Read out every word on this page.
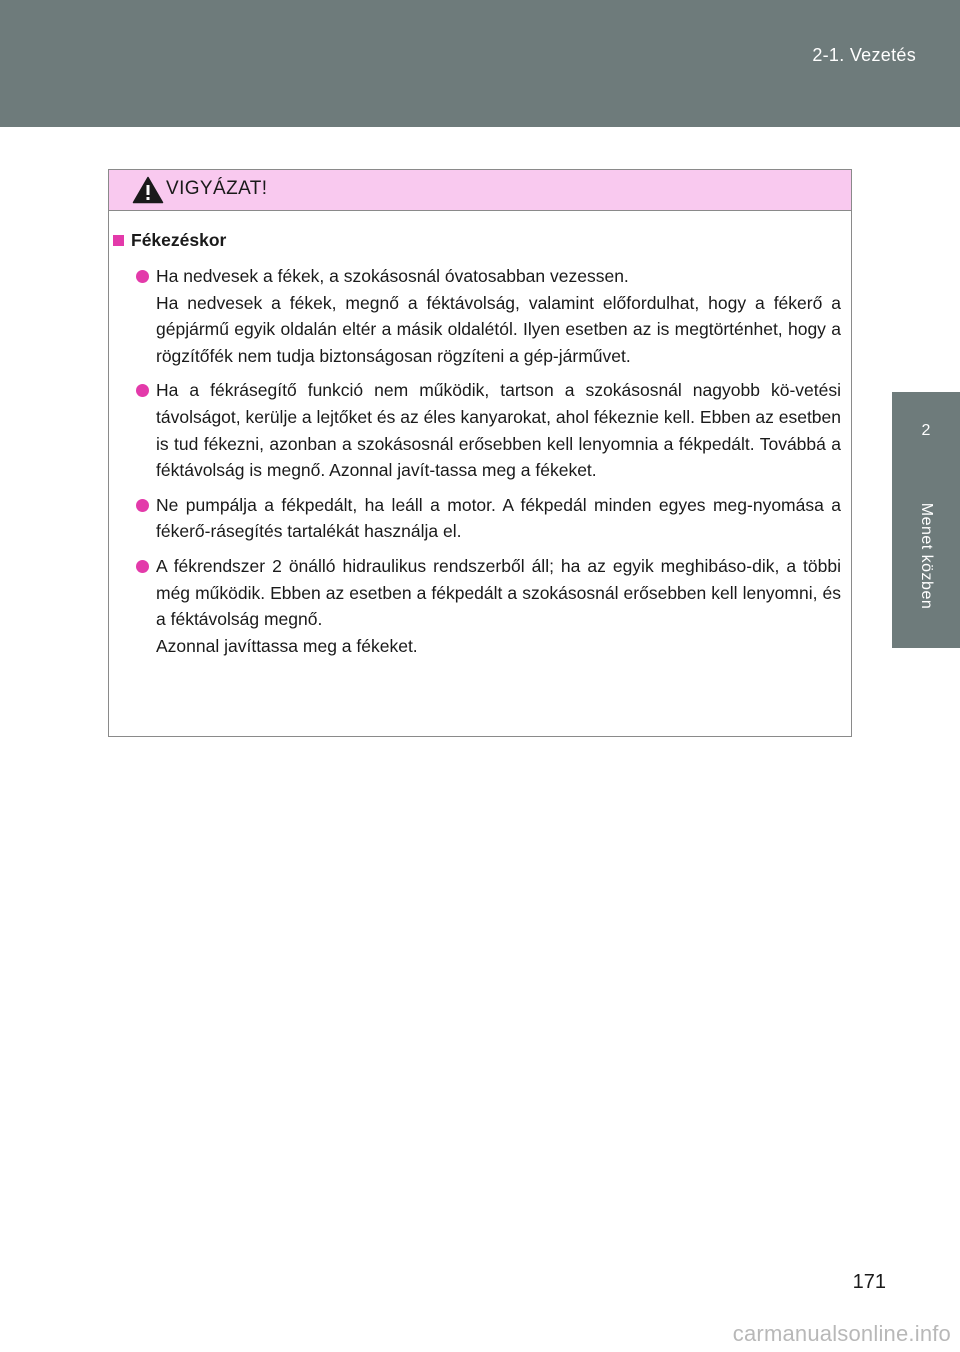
2-1. Vezetés
2
Menet közben
VIGYÁZAT!
Fékezéskor

Ha nedvesek a fékek, a szokásosnál óvatosabban vezessen.

Ha nedvesek a fékek, megnő a féktávolság, valamint előfordulhat, hogy a fékerő a gépjármű egyik oldalán eltér a másik oldalétól. Ilyen esetben az is megtörténhet, hogy a rögzítőfék nem tudja biztonságosan rögzíteni a gép-járművet.

Ha a fékrásegítő funkció nem működik, tartson a szokásosnál nagyobb kö-vetési távolságot, kerülje a lejtőket és az éles kanyarokat, ahol fékeznie kell. Ebben az esetben is tud fékezni, azonban a szokásosnál erősebben kell lenyomnia a fékpedált. Továbbá a féktávolság is megnő. Azonnal javít-tassa meg a fékeket.

Ne pumpálja a fékpedált, ha leáll a motor. A fékpedál minden egyes meg-nyomása a fékerő-rásegítés tartalékát használja el.

A fékrendszer 2 önálló hidraulikus rendszerből áll; ha az egyik meghibáso-dik, a többi még működik. Ebben az esetben a fékpedált a szokásosnál erősebben kell lenyomni, és a féktávolság megnő.

Azonnal javíttassa meg a fékeket.

171
carmanualsonline.info
